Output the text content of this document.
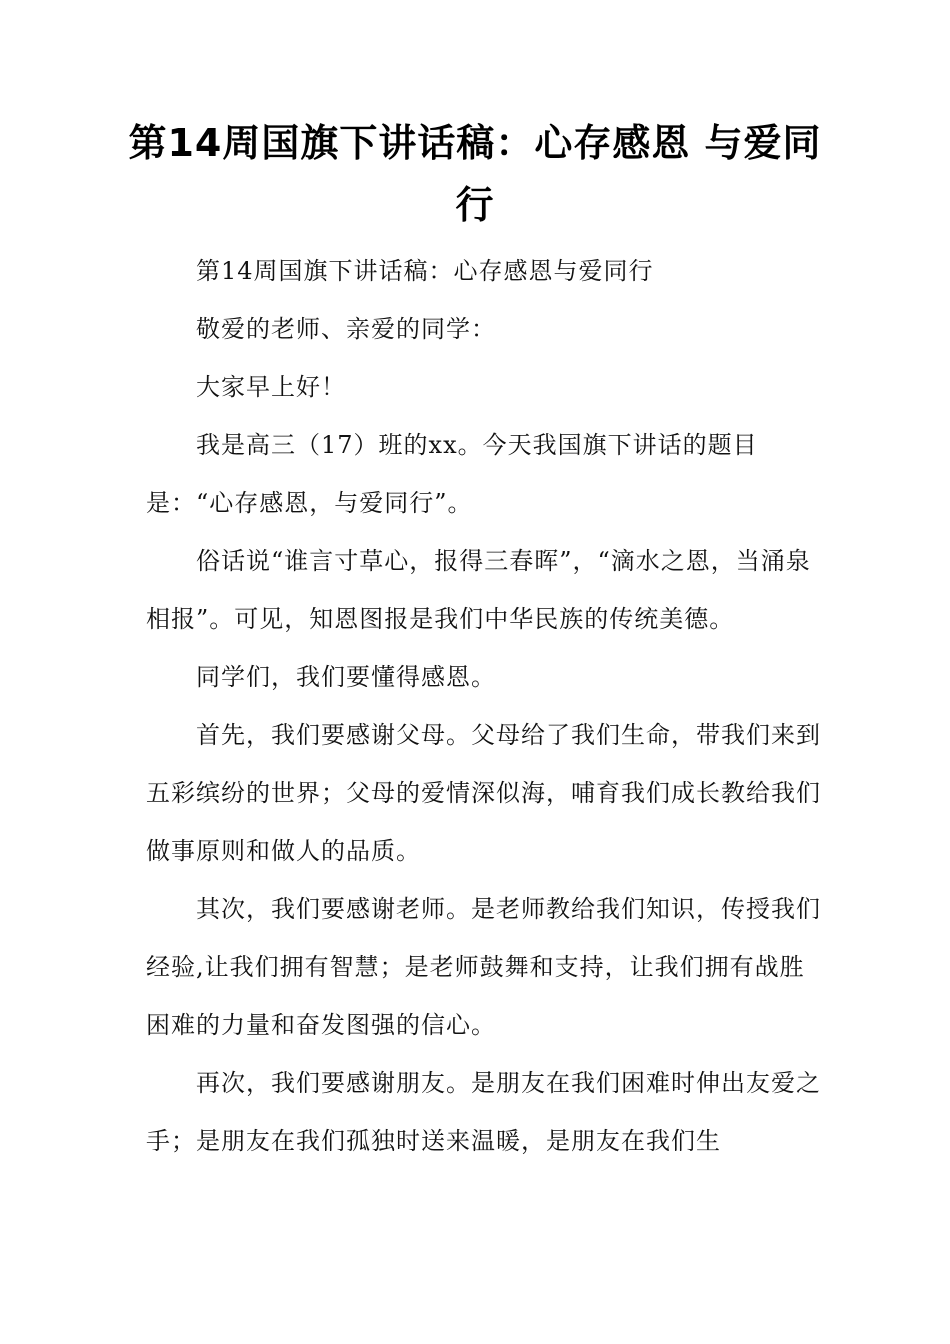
第14周国旗下讲话稿：心存感恩 与爱同行

第14周国旗下讲话稿：心存感恩与爱同行

敬爱的老师、亲爱的同学：

大家早上好！

我是高三（17）班的xx。今天我国旗下讲话的题目是：“心存感恩，与爱同行”。

俗话说“谁言寸草心，报得三春晖”，“滴水之恩，当涌泉相报”。可见，知恩图报是我们中华民族的传统美德。

同学们，我们要懂得感恩。

首先，我们要感谢父母。父母给了我们生命，带我们来到五彩缤纷的世界；父母的爱情深似海，哺育我们成长教给我们做事原则和做人的品质。

其次，我们要感谢老师。是老师教给我们知识，传授我们经验,让我们拥有智慧；是老师鼓舞和支持，让我们拥有战胜困难的力量和奋发图强的信心。

再次，我们要感谢朋友。是朋友在我们困难时伸出友爱之手；是朋友在我们孤独时送来温暖，是朋友在我们生
